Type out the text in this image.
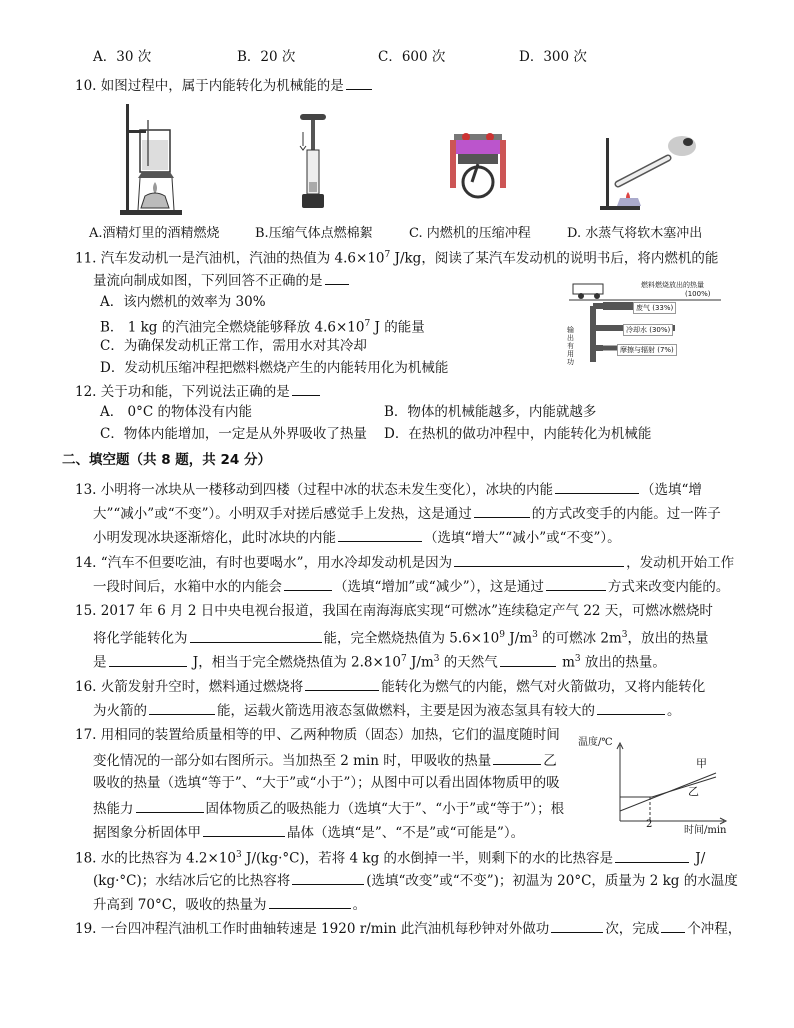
A．30 次	B．20 次	C．600 次	D．300 次
10. 如图过程中，属于内能转化为机械能的是
A.酒精灯里的酒精燃烧	B.压缩气体点燃棉絮	C. 内燃机的压缩冲程	D. 水蒸气将软木塞冲出
11. 汽车发动机一是汽油机，汽油的热值为 $4.6\times 10^7$ J/kg，阅读了某汽车发动机的说明书后，将内燃机的能
量流向制成如图，下列回答不正确的是
A．该内燃机的效率为 30%
B． 1 kg 的汽油完全燃烧能够释放 $4.6\times 10^7$ J 的能量
C．为确保发动机正常工作，需用水对其冷却
D．发动机压缩冲程把燃料燃烧产生的内能转用化为机械能
燃料燃烧放出的热量
(100%)
废气 (33%)
冷却水 (30%)
摩擦与辐射 (7%)
输出有用功
12. 关于功和能，下列说法正确的是
A． 0°C 的物体没有内能	B．物体的机械能越多，内能就越多
C．物体内能增加，一定是从外界吸收了热量 D．在热机的做功冲程中，内能转化为机械能
二、填空题（共 8 题，共 24 分）
13. 小明将一冰块从一楼移动到四楼（过程中冰的状态未发生变化），冰块的内能	（选填“增
大”“减小”或“不变”）。小明双手对搓后感觉手上发热，这是通过	的方式改变手的内能。过一阵子
小明发现冰块逐渐熔化，此时冰块的内能	（选填“增大”“减小”或“不变”）。
14. “汽车不但要吃油，有时也要喝水”，用水冷却发动机是因为	，发动机开始工作
一段时间后，水箱中水的内能会	（选填“增加”或“减少”），这是通过	方式来改变内能的。
15. 2017 年 6 月 2 日中央电视台报道，我国在南海海底实现“可燃冰”连续稳定产气 22 天，可燃冰燃烧时
将化学能转化为	能，完全燃烧热值为 $5.6\times 10^9$ $J/m^3$ 的可燃冰 $2m^3$，放出的热量
是	J，相当于完全燃烧热值为 $2.8\times 10^7$ $J/m^3$ 的天然气	$m^3$ 放出的热量。
16. 火箭发射升空时，燃料通过燃烧将	能转化为燃气的内能，燃气对火箭做功，又将内能转化
为火箭的	能，运载火箭选用液态氢做燃料，主要是因为液态氢具有较大的	。
17. 用相同的装置给质量相等的甲、乙两种物质（固态）加热，它们的温度随时间
变化情况的一部分如右图所示。当加热至 2 min 时，甲吸收的热量	乙
吸收的热量（选填“等于”、“大于”或“小于”）；从图中可以看出固体物质甲的吸
热能力	固体物质乙的吸热能力（选填“大于”、“小于”或“等于”）；根
据图象分析固体甲	晶体（选填“是”、“不是”或“可能是”）。
温度/℃
时间/min
2
甲
乙
18. 水的比热容为 $4.2\times 10^3$ J/(kg·°C)，若将 4 kg 的水倒掉一半，则剩下的水的比热容是	J/
(kg·°C)；水结冰后它的比热容将	(选填“改变”或“不变”)；初温为 20°C，质量为 2 kg 的水温度
升高到 70°C，吸收的热量为	。
19. 一台四冲程汽油机工作时曲轴转速是 1920 r/min 此汽油机每秒钟对外做功	次，完成 个冲程，
